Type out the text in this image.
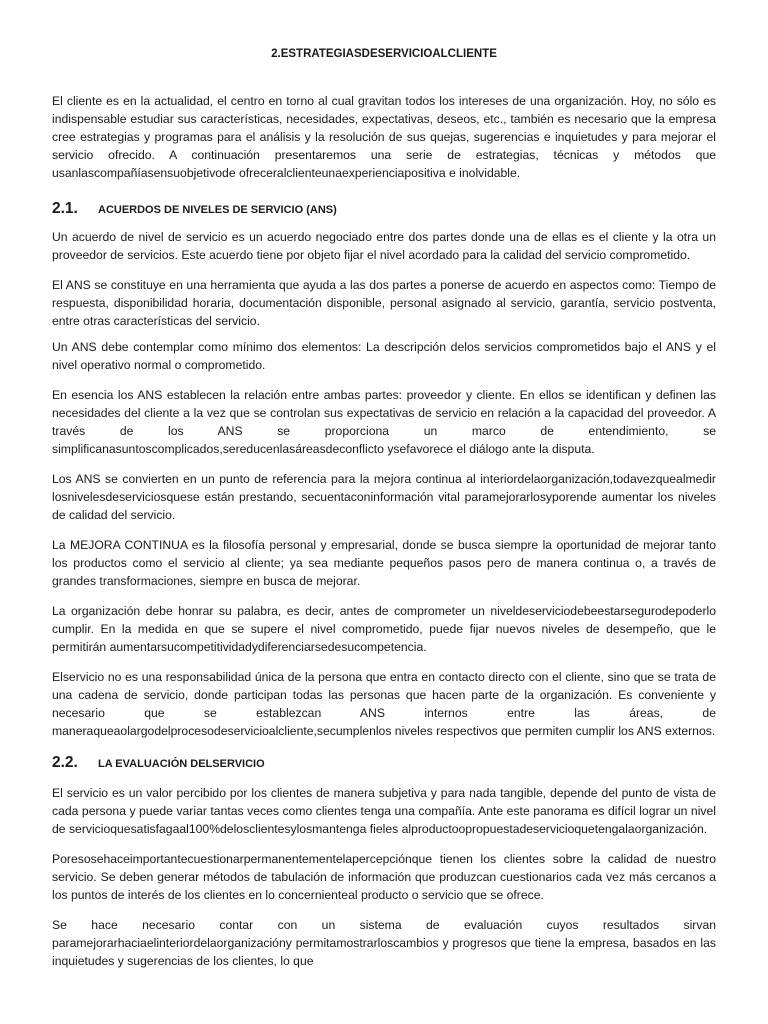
2.ESTRATEGIASDESERVICIOALCLIENTE

El cliente es en la actualidad, el centro en torno al cual gravitan todos los intereses de una organización. Hoy, no sólo es indispensable estudiar sus características, necesidades, expectativas, deseos, etc., también es necesario que la empresa cree estrategias y programas para el análisis y la resolución de sus quejas, sugerencias e inquietudes y para mejorar el servicio ofrecido. A continuación presentaremos una serie de estrategias, técnicas y métodos que usanlascompañíasensuobjetivode ofreceralclienteunaexperienciapositiva e inolvidable.

2.1.	ACUERDOS DE NIVELES DE SERVICIO (ANS)

Un acuerdo de nivel de servicio es un acuerdo negociado entre dos partes donde una de ellas es el cliente y la otra un proveedor de servicios. Este acuerdo tiene por objeto fijar el nivel acordado para la calidad del servicio comprometido.

El ANS se constituye en una herramienta que ayuda a las dos partes a ponerse de acuerdo en aspectos como: Tiempo de respuesta, disponibilidad horaria, documentación disponible, personal asignado al servicio, garantía, servicio postventa, entre otras características del servicio.

Un ANS debe contemplar como mínimo dos elementos: La descripción delos servicios comprometidos bajo el ANS y el nivel operativo normal o comprometido.

En esencia los ANS establecen la relación entre ambas partes: proveedor y cliente. En ellos se identifican y definen las necesidades del cliente a la vez que se controlan sus expectativas de servicio en relación a la capacidad del proveedor. A través de los ANS se proporciona un marco de entendimiento, se simplificanasuntoscomplicados,sereducenlasáreasdeconflicto ysefavorece el diálogo ante la disputa.

Los ANS se convierten en un punto de referencia para la mejora continua al interiordelaorganización,todavezquealmedir losnivelesdeserviciosquese están prestando, secuentaconinformación vital paramejorarlosyporende aumentar los niveles de calidad del servicio.

La MEJORA CONTINUA es la filosofía personal y empresarial, donde se busca siempre la oportunidad de mejorar tanto los productos como el servicio al cliente; ya sea mediante pequeños pasos pero de manera continua o, a través de grandes transformaciones, siempre en busca de mejorar.

La organización debe honrar su palabra, es decir, antes de comprometer un niveldeserviciodebeestarsegurodepoderlo cumplir. En la medida en que se supere el nivel comprometido, puede fijar nuevos niveles de desempeño, que le permitirán aumentarsucompetitividadydiferenciarsedesucompetencia.

Elservicio no es una responsabilidad única de la persona que entra en contacto directo con el cliente, sino que se trata de una cadena de servicio, donde participan todas las personas que hacen parte de la organización. Es conveniente y necesario que se establezcan ANS internos entre las áreas, de maneraqueaolargodelprocesodeservicioalcliente,secumplenlos niveles respectivos que permiten cumplir los ANS externos.

2.2.	LA EVALUACIÓN DELSERVICIO

El servicio es un valor percibido por los clientes de manera subjetiva y para nada tangible, depende del punto de vista de cada persona y puede variar tantas veces como clientes tenga una compañía. Ante este panorama es difícil lograr un nivel de servicioquesatisfagaal100%delosclientesylosmantenga fieles alproductoopropuestadeservicioquetengalaorganización.

Poresosehaceimportantecuestionarpermanentementelapercepciónque tienen los clientes sobre la calidad de nuestro servicio. Se deben generar métodos de tabulación de información que produzcan cuestionarios cada vez más cercanos a los puntos de interés de los clientes en lo concernienteal producto o servicio que se ofrece.

Se hace necesario contar con un sistema de evaluación cuyos resultados sirvan paramejorarhaciaelinteriordelaorganizacióny permitamostrarloscambios y progresos que tiene la empresa, basados en las inquietudes y sugerencias de los clientes, lo que
